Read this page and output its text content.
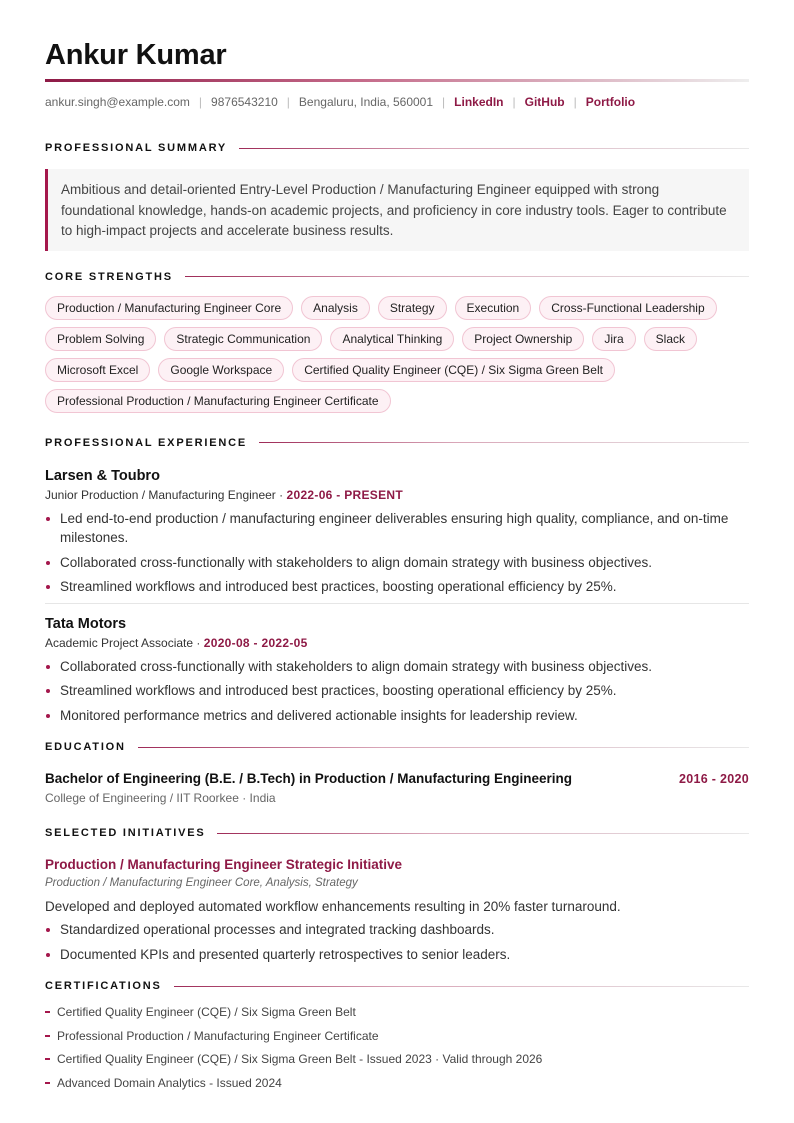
Ankur Kumar
ankur.singh@example.com | 9876543210 | Bengaluru, India, 560001 | LinkedIn | GitHub | Portfolio
PROFESSIONAL SUMMARY
Ambitious and detail-oriented Entry-Level Production / Manufacturing Engineer equipped with strong foundational knowledge, hands-on academic projects, and proficiency in core industry tools. Eager to contribute to high-impact projects and accelerate business results.
CORE STRENGTHS
Production / Manufacturing Engineer Core	Analysis	Strategy	Execution	Cross-Functional Leadership
Problem Solving	Strategic Communication	Analytical Thinking	Project Ownership	Jira	Slack
Microsoft Excel	Google Workspace	Certified Quality Engineer (CQE) / Six Sigma Green Belt
Professional Production / Manufacturing Engineer Certificate
PROFESSIONAL EXPERIENCE
Larsen & Toubro
Junior Production / Manufacturing Engineer · 2022-06 - PRESENT
Led end-to-end production / manufacturing engineer deliverables ensuring high quality, compliance, and on-time milestones.
Collaborated cross-functionally with stakeholders to align domain strategy with business objectives.
Streamlined workflows and introduced best practices, boosting operational efficiency by 25%.
Tata Motors
Academic Project Associate · 2020-08 - 2022-05
Collaborated cross-functionally with stakeholders to align domain strategy with business objectives.
Streamlined workflows and introduced best practices, boosting operational efficiency by 25%.
Monitored performance metrics and delivered actionable insights for leadership review.
EDUCATION
Bachelor of Engineering (B.E. / B.Tech) in Production / Manufacturing Engineering	2016 - 2020
College of Engineering / IIT Roorkee · India
SELECTED INITIATIVES
Production / Manufacturing Engineer Strategic Initiative
Production / Manufacturing Engineer Core, Analysis, Strategy
Developed and deployed automated workflow enhancements resulting in 20% faster turnaround.
Standardized operational processes and integrated tracking dashboards.
Documented KPIs and presented quarterly retrospectives to senior leaders.
CERTIFICATIONS
Certified Quality Engineer (CQE) / Six Sigma Green Belt
Professional Production / Manufacturing Engineer Certificate
Certified Quality Engineer (CQE) / Six Sigma Green Belt - Issued 2023 · Valid through 2026
Advanced Domain Analytics - Issued 2024
